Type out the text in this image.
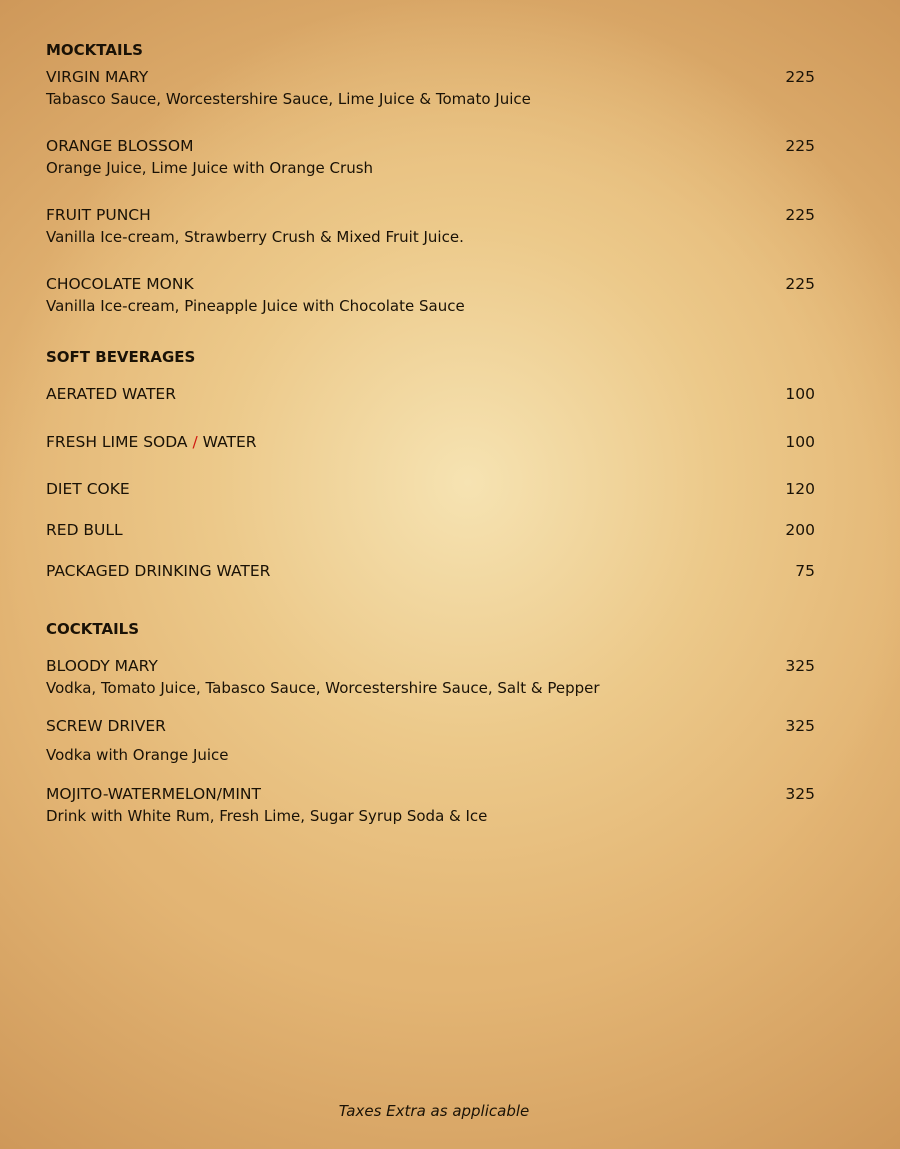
MOCKTAILS
VIRGIN MARY	225
Tabasco Sauce, Worcestershire Sauce, Lime Juice & Tomato Juice
ORANGE BLOSSOM	225
Orange Juice, Lime Juice with Orange Crush
FRUIT PUNCH	225
Vanilla Ice-cream, Strawberry Crush & Mixed Fruit Juice.
CHOCOLATE MONK	225
Vanilla Ice-cream, Pineapple Juice with Chocolate Sauce
SOFT BEVERAGES
AERATED WATER	100
FRESH LIME SODA / WATER	100
DIET COKE	120
RED BULL	200
PACKAGED DRINKING WATER	75
COCKTAILS
BLOODY MARY	325
Vodka, Tomato Juice, Tabasco Sauce, Worcestershire Sauce, Salt & Pepper
SCREW DRIVER	325
Vodka with Orange Juice
MOJITO-WATERMELON/MINT	325
Drink with White Rum, Fresh Lime, Sugar Syrup Soda & Ice
Taxes Extra as applicable
